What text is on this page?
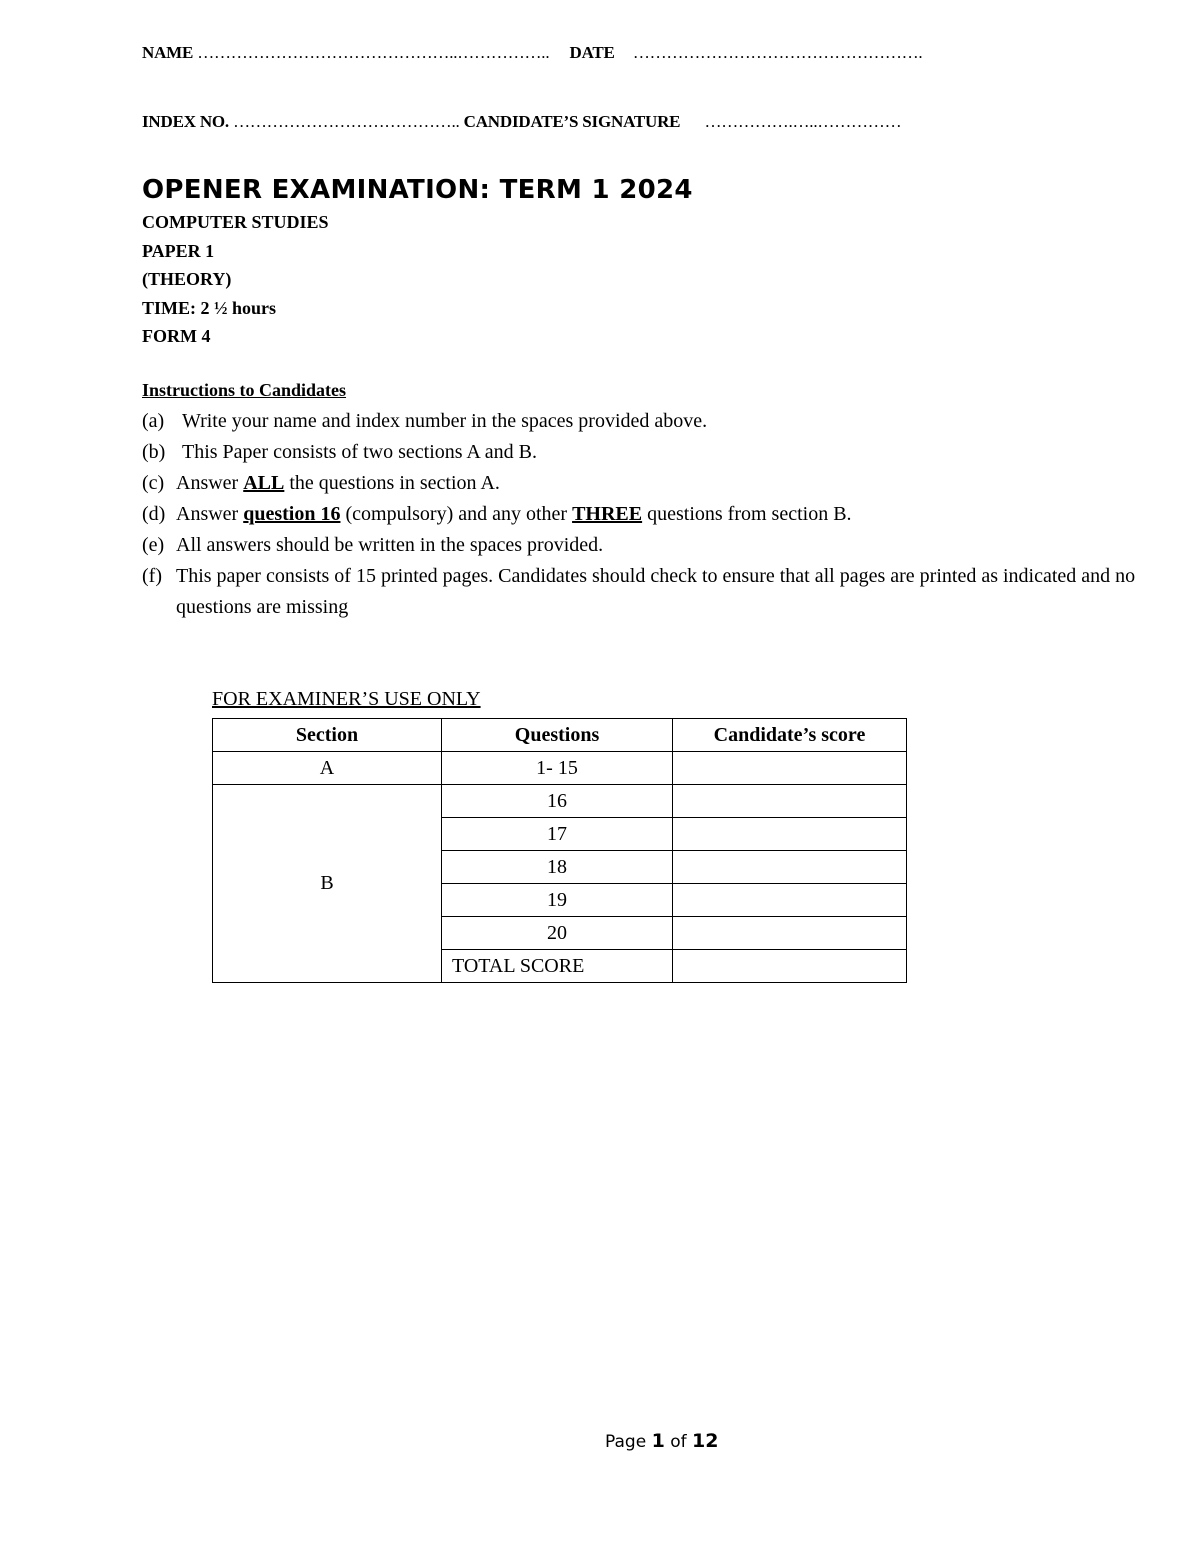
NAME ………………………………………..…………….. DATE …………………………………………….
INDEX NO. ………………………………….. CANDIDATE’S SIGNATURE …………….…..……………
OPENER EXAMINATION: TERM 1 2024
COMPUTER STUDIES
PAPER 1
(THEORY)
TIME: 2 ½ hours
FORM 4
Instructions to Candidates
(a) Write your name and index number in the spaces provided above.
(b) This Paper consists of two sections A and B.
(c) Answer ALL the questions in section A.
(d) Answer question 16 (compulsory) and any other THREE questions from section B.
(e) All answers should be written in the spaces provided.
(f) This paper consists of 15 printed pages. Candidates should check to ensure that all pages are printed as indicated and no questions are missing
FOR EXAMINER’S USE ONLY
Section	Questions	Candidate’s score
A	1- 15	
B	16	
	17	
	18	
	19	
	20	
	TOTAL SCORE	
Page 1 of 12
